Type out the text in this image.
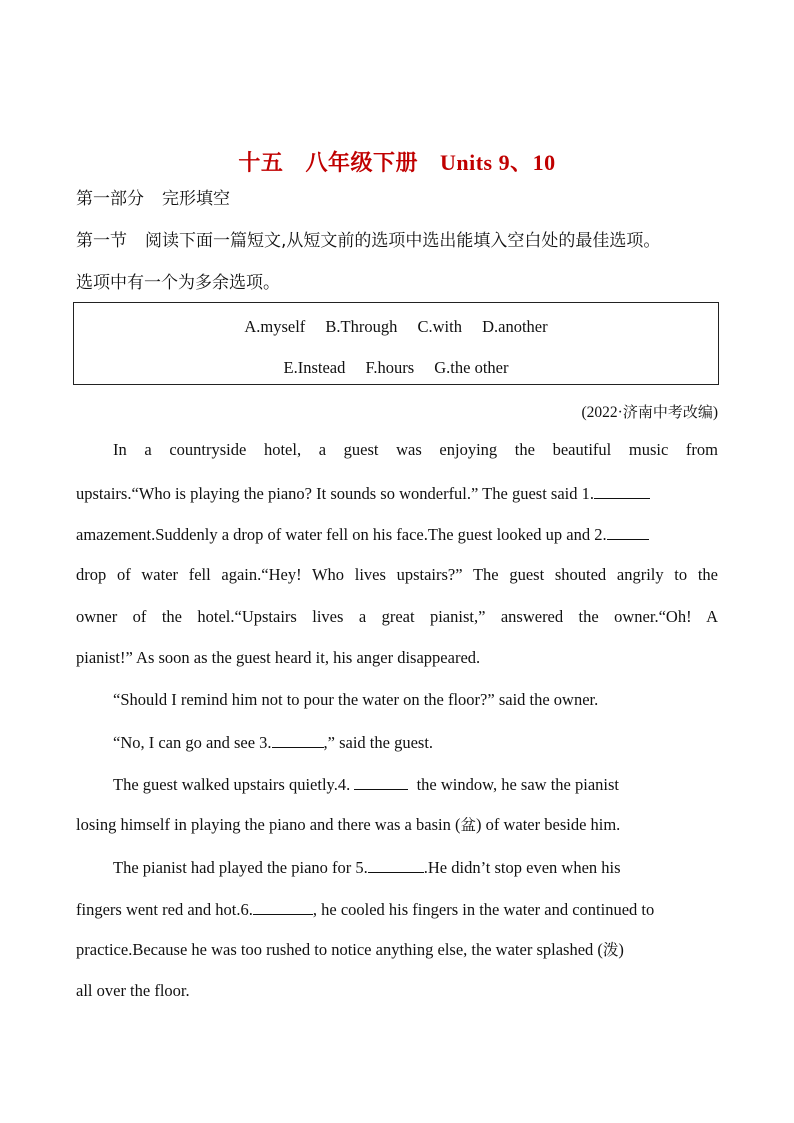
十五 八年级下册 Units 9、10
第一部分 完形填空
第一节 阅读下面一篇短文,从短文前的选项中选出能填入空白处的最佳选项。
选项中有一个为多余选项。
A.myself B.Through C.with D.another
E.Instead F.hours G.the other
(2022·济南中考改编)
In a countryside hotel, a guest was enjoying the beautiful music from
upstairs.“Who is playing the piano? It sounds so wonderful.” The guest said 1.
amazement.Suddenly a drop of water fell on his face.The guest looked up and 2.
drop of water fell again.“Hey! Who lives upstairs?” The guest shouted angrily to the
owner of the hotel.“Upstairs lives a great pianist,” answered the owner.“Oh! A
pianist!” As soon as the guest heard it, his anger disappeared.
“Should I remind him not to pour the water on the floor?” said the owner.
“No, I can go and see 3.	,” said the guest.
The guest walked upstairs quietly.4.	the window, he saw the pianist
losing himself in playing the piano and there was a basin (盆) of water beside him.
The pianist had played the piano for 5.	.He didn’t stop even when his
fingers went red and hot.6.	, he cooled his fingers in the water and continued to
practice.Because he was too rushed to notice anything else, the water splashed (泼)
all over the floor.
